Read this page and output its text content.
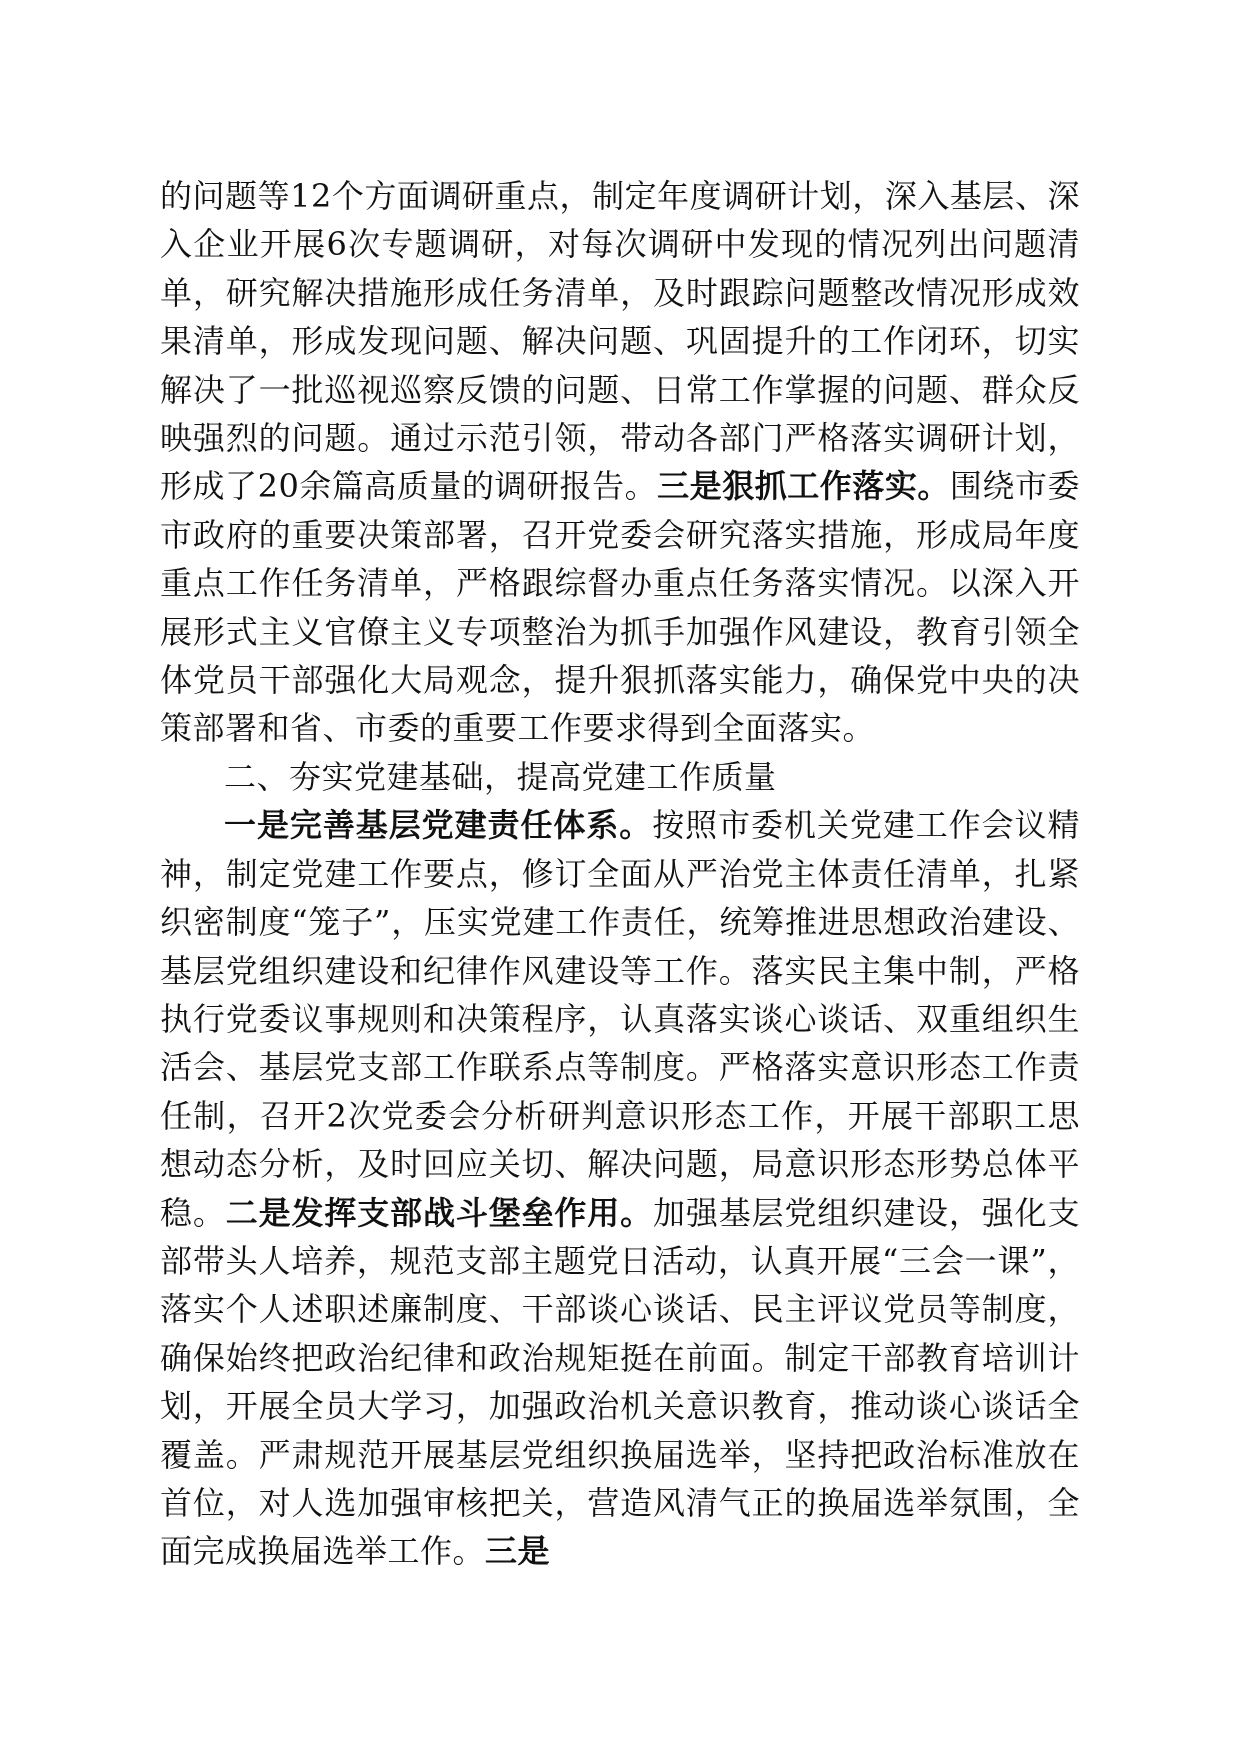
的问题等12个方面调研重点，制定年度调研计划，深入基层、深入企业开展6次专题调研，对每次调研中发现的情况列出问题清单，研究解决措施形成任务清单，及时跟踪问题整改情况形成效果清单，形成发现问题、解决问题、巩固提升的工作闭环，切实解决了一批巡视巡察反馈的问题、日常工作掌握的问题、群众反映强烈的问题。通过示范引领，带动各部门严格落实调研计划，形成了20余篇高质量的调研报告。三是狠抓工作落实。围绕市委市政府的重要决策部署，召开党委会研究落实措施，形成局年度重点工作任务清单，严格跟综督办重点任务落实情况。以深入开展形式主义官僚主义专项整治为抓手加强作风建设，教育引领全体党员干部强化大局观念，提升狠抓落实能力，确保党中央的决策部署和省、市委的重要工作要求得到全面落实。

二、夯实党建基础，提高党建工作质量

一是完善基层党建责任体系。按照市委机关党建工作会议精神，制定党建工作要点，修订全面从严治党主体责任清单，扎紧织密制度“笼子”，压实党建工作责任，统筹推进思想政治建设、基层党组织建设和纪律作风建设等工作。落实民主集中制，严格执行党委议事规则和决策程序，认真落实谈心谈话、双重组织生活会、基层党支部工作联系点等制度。严格落实意识形态工作责任制，召开2次党委会分析研判意识形态工作，开展干部职工思想动态分析，及时回应关切、解决问题，局意识形态形势总体平稳。二是发挥支部战斗堡垒作用。加强基层党组织建设，强化支部带头人培养，规范支部主题党日活动，认真开展“三会一课”，落实个人述职述廉制度、干部谈心谈话、民主评议党员等制度，确保始终把政治纪律和政治规矩挺在前面。制定干部教育培训计划，开展全员大学习，加强政治机关意识教育，推动谈心谈话全覆盖。严肃规范开展基层党组织换届选举，坚持把政治标准放在首位，对人选加强审核把关，营造风清气正的换届选举氛围，全面完成换届选举工作。三是
